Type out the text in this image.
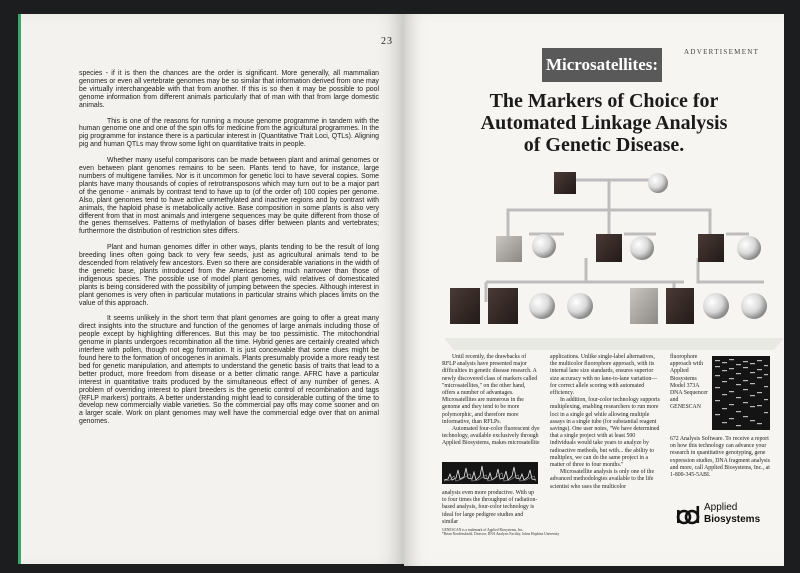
23

species - if it is then the chances are the order is significant. More generally, all mammalian genomes or even all vertebrate genomes may be so similar that information derived from one may be virtually interchangeable with that from another. If this is so then it may be possible to pool genome information from different animals particularly that of man with that from large domestic animals.

This is one of the reasons for running a mouse genome programme in tandem with the human genome one and one of the spin offs for medicine from the agricultural programmes. In the pig programme for instance there is a particular interest in (Quantitative Trait Loci, QTLs). Aligning pig and human QTLs may throw some light on quantitative traits in people.

Whether many useful comparisons can be made between plant and animal genomes or even between plant genomes remains to be seen. Plants tend to have, for instance, large numbers of multigene families. Nor is it uncommon for genetic loci to have several copies. Some plants have many thousands of copies of retrotransposons which may turn out to be a major part of the genome - animals by contrast tend to have up to (of the order of) 100 copies per genome. Also, plant genomes tend to have active unmethylated and inactive regions and by contrast with animals, the haploid phase is metabolically active. Base composition in some plants is also very different from that in most animals and intergene sequences may be quite different from those of the genes themselves. Patterns of methylation of bases differ between plants and vertebrates; furthermore the distribution of restriction sites differs.

Plant and human genomes differ in other ways, plants tending to be the result of long breeding lines often going back to very few seeds, just as agricultural animals tend to be descended from relatively few ancestors. Even so there are considerable variations in the width of the genetic base, plants introduced from the Americas being much narrower than those of indigenous species. The possible use of model plant genomes, wild relatives of domesticated plants is being considered with the possibility of jumping between the species. Although interest in plant genomes is very often in particular mutations in particular strains which places limits on the value of this approach.

It seems unlikely in the short term that plant genomes are going to offer a great many direct insights into the structure and function of the genomes of large animals including those of people except by highlighting differences. But this may be too pessimistic. The mitochondrial genome in plants undergoes recombination all the time. Hybrid genes are certainly created which interfere with pollen, though not egg formation. It is just conceivable that some clues might be found here to the formation of oncogenes in animals. Plants presumably provide a more ready test bed for genetic manipulation, and attempts to understand the genetic basis of traits that lead to a better product, more freedom from disease or a better climatic range. AFRC have a particular interest in quantitative traits produced by the simultaneous effect of any number of genes. A problem of overriding interest to plant breeders is the genetic control of recombination and tags (RFLP markers) portraits. A better understanding might lead to considerable cutting of the time to develop new commercially viable varieties. So the commercial pay offs may come sooner and on a larger scale. Work on plant genomes may well have the commercial edge over that on animal genomes.

ADVERTISEMENT
Microsatellites:
The Markers of Choice for
Automated Linkage Analysis
of Genetic Disease.

Until recently, the drawbacks of RFLP analysis have presented major difficulties in genetic disease research. A newly discovered class of markers called "microsatellites," on the other hand, offers a number of advantages. Microsatellites are numerous in the genome and they tend to be more polymorphic, and therefore more informative, than RFLPs.

Automated four-color fluorescent dye technology, available exclusively through Applied Biosystems, makes microsatellite

analysis even more productive. With up to four times the throughput of radiation-based analysis, four-color technology is ideal for large pedigree studies and similar

applications. Unlike single-label alternatives, the multicolor fluorophore approach, with its internal lane size standards, ensures superior size accuracy with no lane-to-lane variation—for correct allele scoring with automated efficiency.

In addition, four-color technology supports multiplexing, enabling researchers to run more loci in a single gel while allowing multiple assays in a single tube (for substantial reagent savings). One user notes, "We have determined that a single project with at least 500 individuals would take years to analyze by radioactive methods, but with... the ability to multiplex, we can do the same project in a matter of three to four months."

Microsatellite analysis is only one of the advanced methodologies available to the life scientist who uses the multicolor

fluorophore approach with Applied Biosystems Model 373A DNA Sequencer and GENESCAN
672 Analysis Software. To receive a report on how this technology can advance your research in quantitative genotyping, gene expression studies, DNA fragment analysis and more, call Applied Biosystems, Inc., at 1-800-345-5ABI.
GENESCAN is a trademark of Applied Biosystems, Inc.
*Brian Nordenskiold, Director, DNA Analysis Facility, Johns Hopkins University
Applied
Biosystems
